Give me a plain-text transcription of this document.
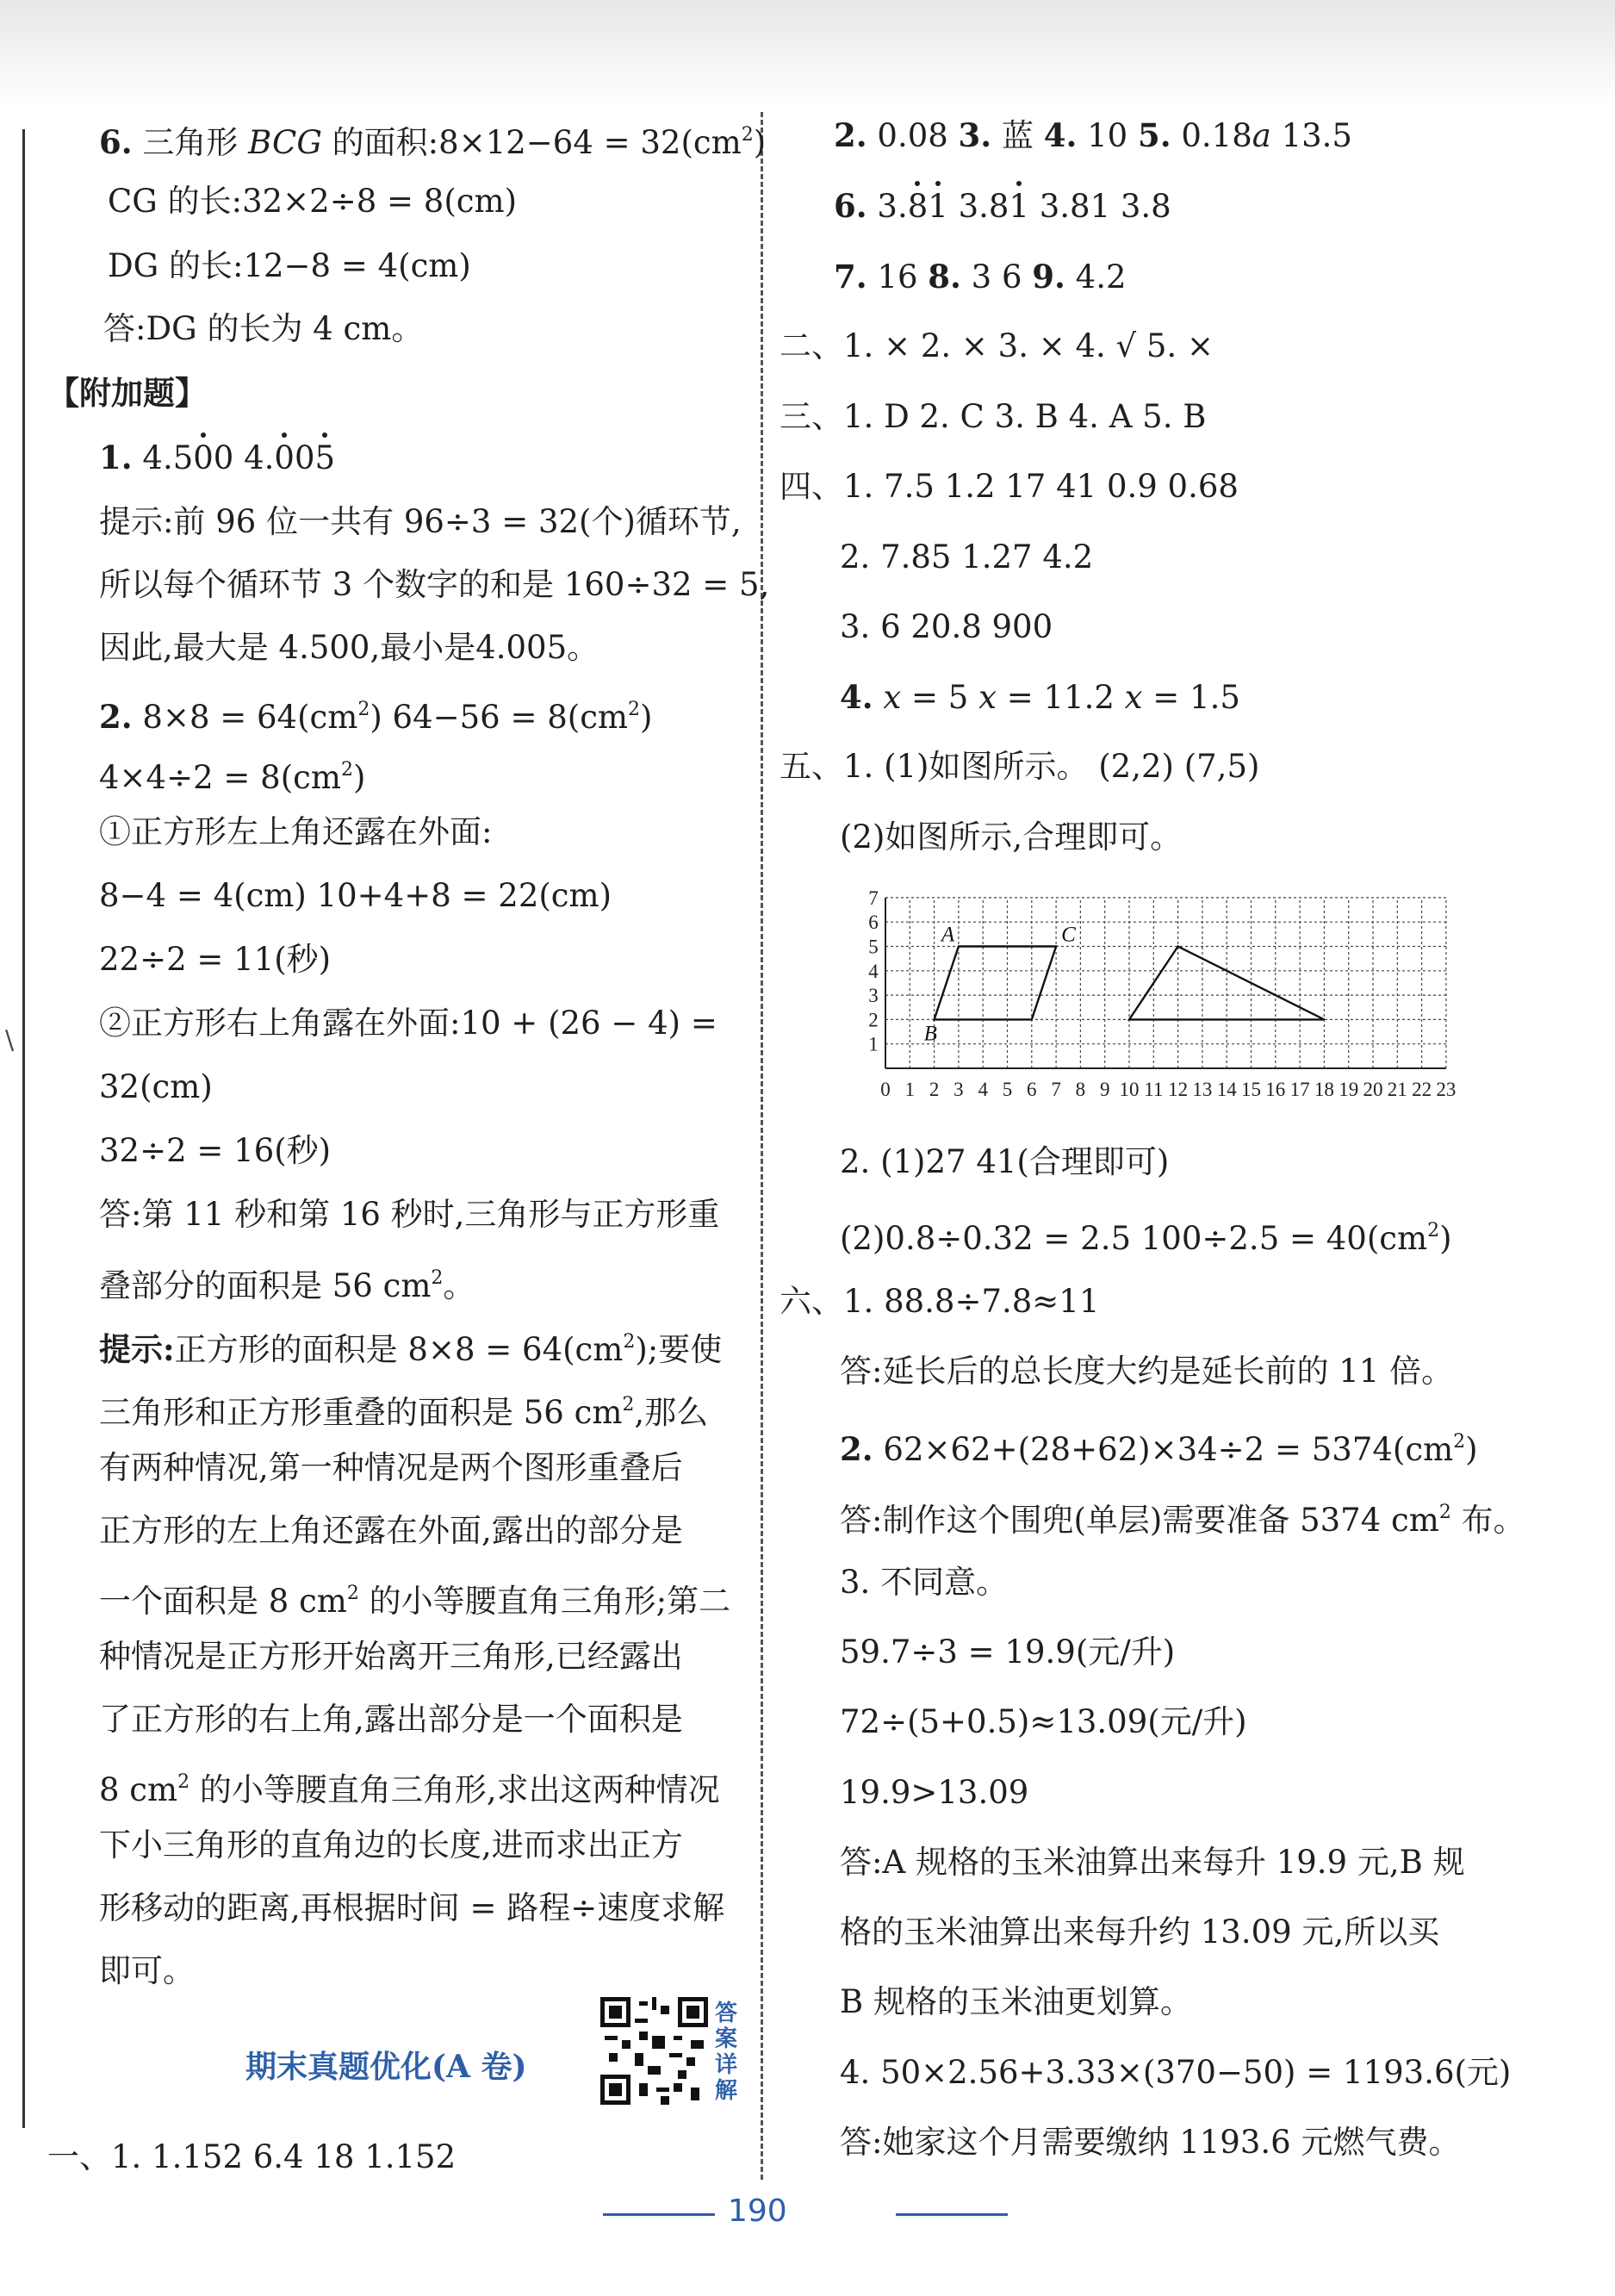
\
6. 三角形 BCG 的面积:8×12−64 = $32(cm^2)$
CG 的长:32×2÷8 = 8(cm)
DG 的长:12−8 = 4(cm)
答:DG 的长为 4 cm。
【附加题】
1. 4.50
0 4.0
05
提示:前 96 位一共有 96÷3 = 32(个)循环节,
所以每个循环节 3 个数字的和是 160÷32 = 5,
因此,最大是 4.500,最小是4.005。
2. $8\times 8 = 64(cm^2) 64-56 = 8(cm^2)$
$4\times 4\div 2 = 8(cm^2)$
①正方形左上角还露在外面:
8−4 = 4(cm) 10+4+8 = 22(cm)
22÷2 = 11(秒)
②正方形右上角露在外面:10 + (26 − 4) =
32(cm)
32÷2 = 16(秒)
答:第 11 秒和第 16 秒时,三角形与正方形重
叠部分的面积是 56 $cm^2$。
提示:正方形的面积是 $8\times 8 = 64(cm^2)$;要使
三角形和正方形重叠的面积是 56 $cm^2$,那么
有两种情况,第一种情况是两个图形重叠后
正方形的左上角还露在外面,露出的部分是
一个面积是 8 $cm^2$ 的小等腰直角三角形;第二
种情况是正方形开始离开三角形,已经露出
了正方形的右上角,露出部分是一个面积是
8 $cm^2$ 的小等腰直角三角形,求出这两种情况
下小三角形的直角边的长度,进而求出正方
形移动的距离,再根据时间 = 路程÷速度求解
即可。
期末真题优化(A 卷)
答案详解
一、1. 1.152 6.4 18 1.152
2. 0.08 3. 蓝 4. 10 5. 0.18a 13.5
6. 3.8
1
3.81
3.81 3.8
7. 16 8. 3 6 9. 4.2
二、1. × 2. × 3. × 4. √ 5. ×
三、1. D 2. C 3. B 4. A 5. B
四、1. 7.5 1.2 17 41 0.9 0.68
2. 7.85 1.27 4.2
3. 6 20.8 900
4. x = 5 x = 11.2 x = 1.5
五、1. (1)如图所示。 (2,2) (7,5)
(2)如图所示,合理即可。
0 1 2 3 4 5 6 7 8 9 10 11 12 13 14 15 16 17 18 19 20 21 22 23
1
2
3
4
5
6
7
A
B
C
2. (1)27 41(合理即可)
(2)0.8÷0.32 = 2.5 $100\div 2.5 = 40(cm^2)$
六、1. 88.8÷7.8≈11
答:延长后的总长度大约是延长前的 11 倍。
2. $62\times 62+(28+62)\times 34\div 2 = 5374(cm^2)$
答:制作这个围兜(单层)需要准备 5374 $cm^2$ 布。
3. 不同意。
59.7÷3 = 19.9(元/升)
72÷(5+0.5)≈13.09(元/升)
19.9>13.09
答:A 规格的玉米油算出来每升 19.9 元,B 规
格的玉米油算出来每升约 13.09 元,所以买
B 规格的玉米油更划算。
4. 50×2.56+3.33×(370−50) = 1193.6(元)
答:她家这个月需要缴纳 1193.6 元燃气费。
190
